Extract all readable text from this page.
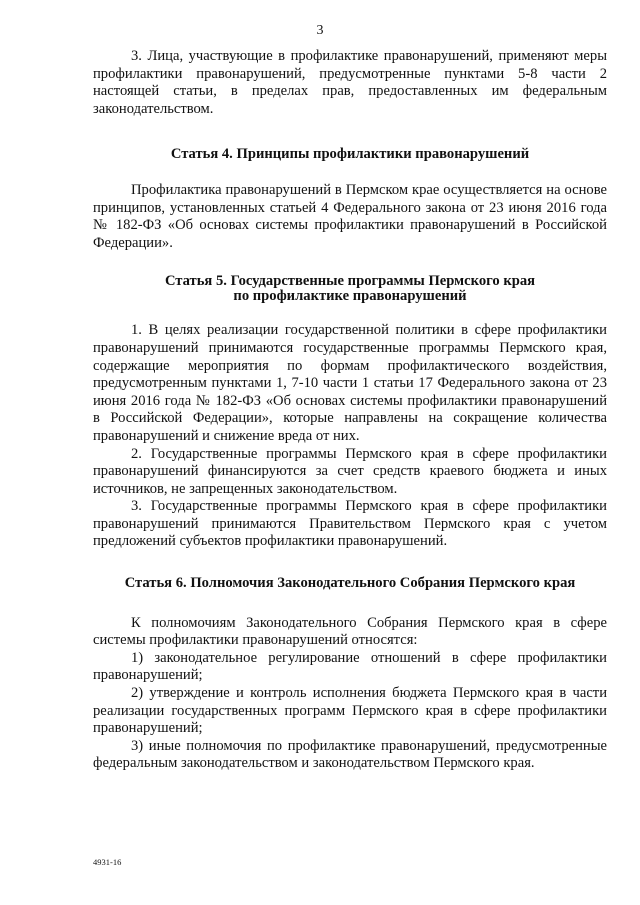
3

3. Лица, участвующие в профилактике правонарушений, применяют меры профилактики правонарушений, предусмотренные пунктами 5-8 части 2 настоящей статьи, в пределах прав, предоставленных им федеральным законодательством.

Статья 4. Принципы профилактики правонарушений

Профилактика правонарушений в Пермском крае осуществляется на основе принципов, установленных статьей 4 Федерального закона от 23 июня 2016 года № 182-ФЗ «Об основах системы профилактики правонарушений в Российской Федерации».

Статья 5. Государственные программы Пермского края
по профилактике правонарушений

1. В целях реализации государственной политики в сфере профилактики правонарушений принимаются государственные программы Пермского края, содержащие мероприятия по формам профилактического воздействия, предусмотренным пунктами 1, 7-10 части 1 статьи 17 Федерального закона от 23 июня 2016 года № 182-ФЗ «Об основах системы профилактики правонарушений в Российской Федерации», которые направлены на сокращение количества правонарушений и снижение вреда от них.

2. Государственные программы Пермского края в сфере профилактики правонарушений финансируются за счет средств краевого бюджета и иных источников, не запрещенных законодательством.

3. Государственные программы Пермского края в сфере профилактики правонарушений принимаются Правительством Пермского края с учетом предложений субъектов профилактики правонарушений.

Статья 6. Полномочия Законодательного Собрания Пермского края

К полномочиям Законодательного Собрания Пермского края в сфере системы профилактики правонарушений относятся:

1) законодательное регулирование отношений в сфере профилактики правонарушений;

2) утверждение и контроль исполнения бюджета Пермского края в части реализации государственных программ Пермского края в сфере профилактики правонарушений;

3) иные полномочия по профилактике правонарушений, предусмотренные федеральным законодательством и законодательством Пермского края.

4931-16
